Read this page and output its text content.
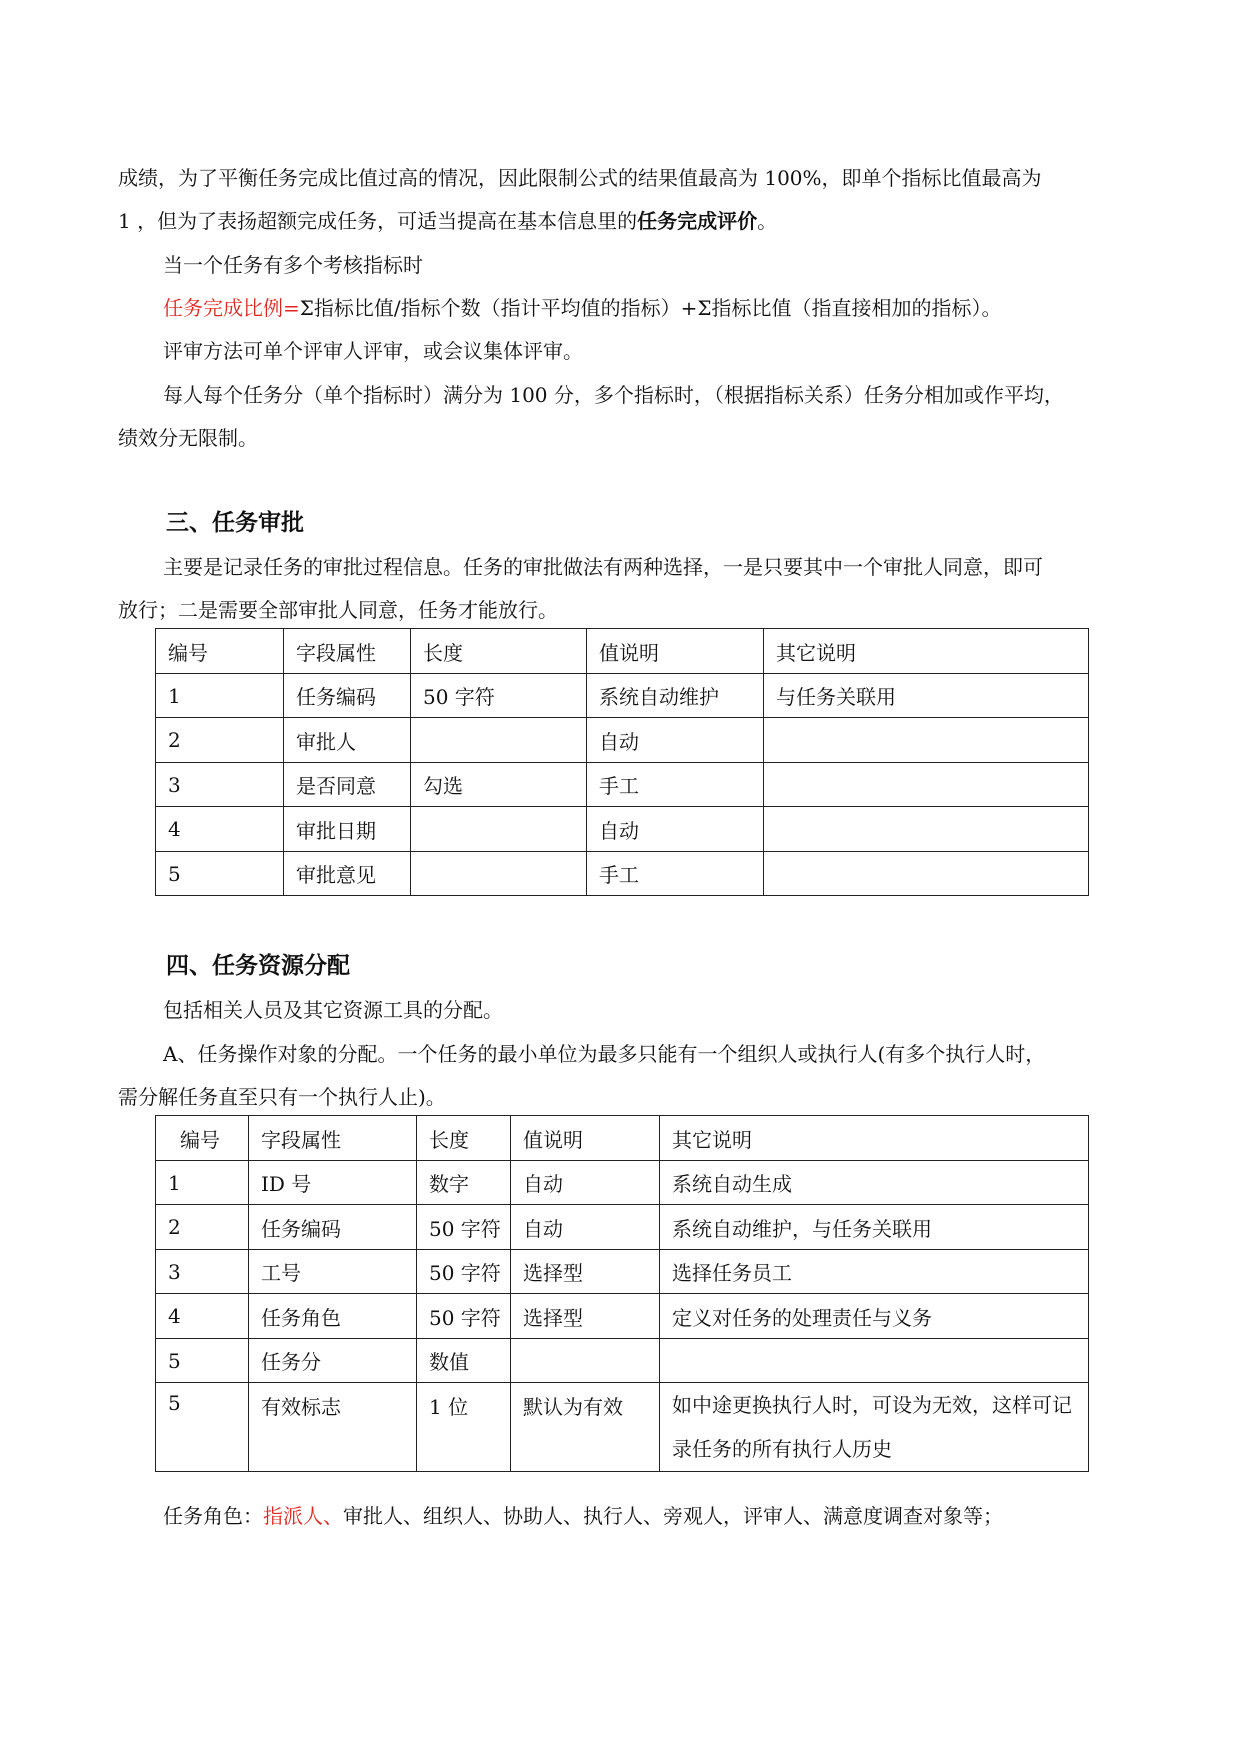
成绩，为了平衡任务完成比值过高的情况，因此限制公式的结果值最高为 100%，即单个指标比值最高为
1 ，但为了表扬超额完成任务，可适当提高在基本信息里的任务完成评价。
当一个任务有多个考核指标时
任务完成比例=Σ指标比值/指标个数（指计平均值的指标）+Σ指标比值（指直接相加的指标）。
评审方法可单个评审人评审，或会议集体评审。
每人每个任务分（单个指标时）满分为 100 分，多个指标时，（根据指标关系）任务分相加或作平均，
绩效分无限制。
三、任务审批
主要是记录任务的审批过程信息。任务的审批做法有两种选择，一是只要其中一个审批人同意，即可
放行；二是需要全部审批人同意，任务才能放行。
编号	字段属性	长度	值说明	其它说明
1	任务编码	50 字符	系统自动维护	与任务关联用
2	审批人		自动	
3	是否同意	勾选	手工	
4	审批日期		自动	
5	审批意见		手工	
四、任务资源分配
包括相关人员及其它资源工具的分配。
A、任务操作对象的分配。一个任务的最小单位为最多只能有一个组织人或执行人(有多个执行人时，
需分解任务直至只有一个执行人止)。
编号	字段属性	长度	值说明	其它说明
1	ID 号	数字	自动	系统自动生成
2	任务编码	50 字符	自动	系统自动维护，与任务关联用
3	工号	50 字符	选择型	选择任务员工
4	任务角色	50 字符	选择型	定义对任务的处理责任与义务
5	任务分	数值		
5	有效标志	1 位	默认为有效	如中途更换执行人时，可设为无效，这样可记录任务的所有执行人历史
任务角色：指派人、审批人、组织人、协助人、执行人、旁观人，评审人、满意度调查对象等；
